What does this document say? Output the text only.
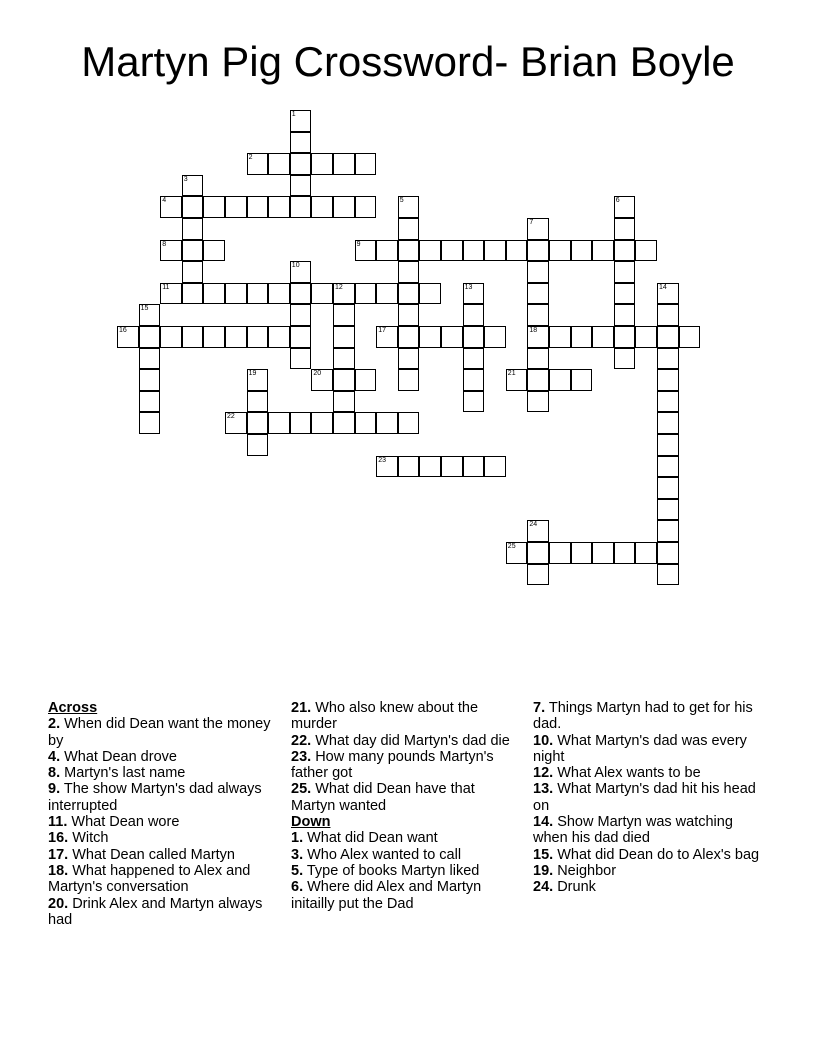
Martyn Pig Crossword- Brian Boyle
1
2
3
4	5	6
7
8	9
10
11	12	13	14
15
16	17	18
19	20	21
22
23
24
25

Across

2. When did Dean want the money by

4. What Dean drove

8. Martyn's last name

9. The show Martyn's dad always interrupted

11. What Dean wore

16. Witch

17. What Dean called Martyn

18. What happened to Alex and Martyn's conversation

20. Drink Alex and Martyn always had

21. Who also knew about the murder

22. What day did Martyn's dad die

23. How many pounds Martyn's father got

25. What did Dean have that Martyn wanted

Down

1. What did Dean want

3. Who Alex wanted to call

5. Type of books Martyn liked

6. Where did Alex and Martyn initailly put the Dad

7. Things Martyn had to get for his dad.

10. What Martyn's dad was every night

12. What Alex wants to be

13. What Martyn's dad hit his head on

14. Show Martyn was watching when his dad died

15. What did Dean do to Alex's bag

19. Neighbor

24. Drunk
